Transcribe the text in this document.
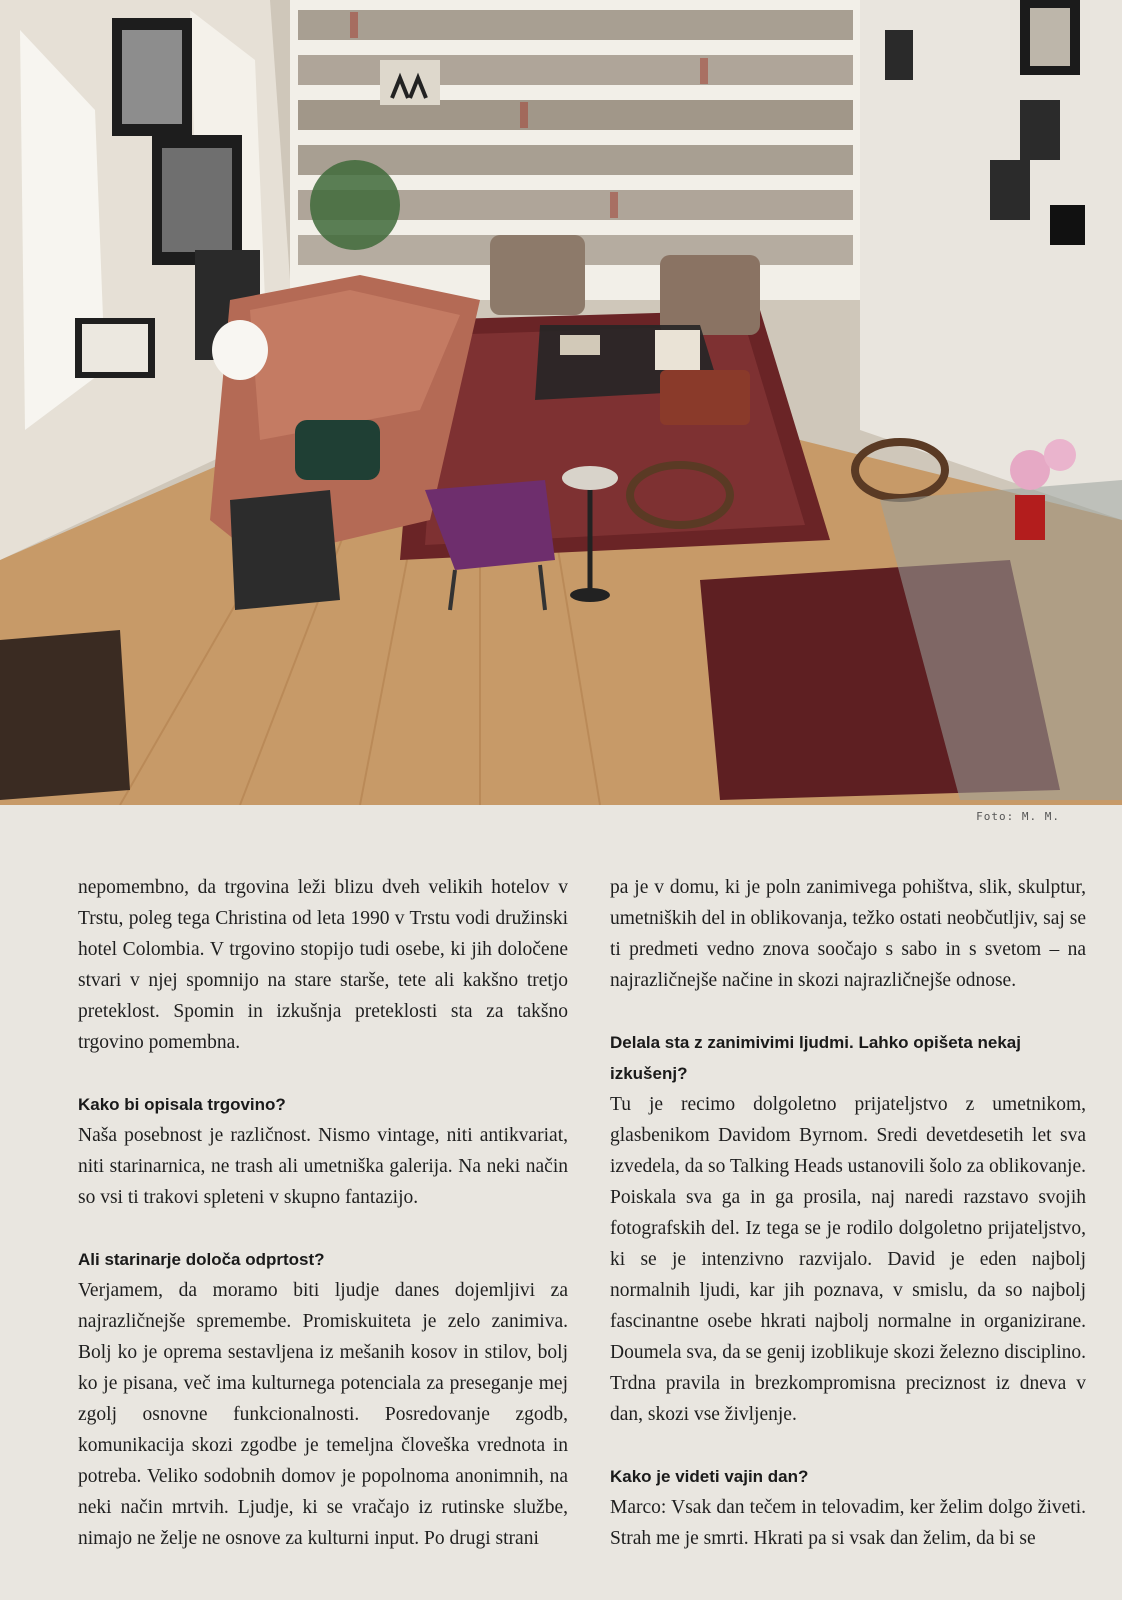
Foto: M. M.

nepomembno, da trgovina leži blizu dveh velikih hotelov v Trstu, poleg tega Christina od leta 1990 v Trstu vodi družinski hotel Colombia. V trgovino stopijo tudi osebe, ki jih določene stvari v njej spomnijo na stare starše, tete ali kakšno tretjo preteklost. Spomin in izkušnja preteklosti sta za takšno trgovino pomembna.

Kako bi opisala trgovino?

Naša posebnost je različnost. Nismo vintage, niti antikvariat, niti starinarnica, ne trash ali umetniška galerija. Na neki način so vsi ti trakovi spleteni v skupno fantazijo.

Ali starinarje določa odprtost?

Verjamem, da moramo biti ljudje danes dojemljivi za najrazličnejše spremembe. Promiskuiteta je zelo zanimiva. Bolj ko je oprema sestavljena iz mešanih kosov in stilov, bolj ko je pisana, več ima kulturnega potenciala za preseganje mej zgolj osnovne funkcionalnosti. Posredovanje zgodb, komunikacija skozi zgodbe je temeljna človeška vrednota in potreba. Veliko sodobnih domov je popolnoma anonimnih, na neki način mrtvih. Ljudje, ki se vračajo iz rutinske službe, nimajo ne želje ne osnove za kulturni input. Po drugi strani

pa je v domu, ki je poln zanimivega pohištva, slik, skulptur, umetniških del in oblikovanja, težko ostati neobčutljiv, saj se ti predmeti vedno znova soočajo s sabo in s svetom – na najrazličnejše načine in skozi najrazličnejše odnose.

Delala sta z zanimivimi ljudmi. Lahko opišeta nekaj izkušenj?

Tu je recimo dolgoletno prijateljstvo z umetnikom, glasbenikom Davidom Byrnom. Sredi devetdesetih let sva izvedela, da so Talking Heads ustanovili šolo za oblikovanje. Poiskala sva ga in ga prosila, naj naredi razstavo svojih fotografskih del. Iz tega se je rodilo dolgoletno prijateljstvo, ki se je intenzivno razvijalo. David je eden najbolj normalnih ljudi, kar jih poznava, v smislu, da so najbolj fascinantne osebe hkrati najbolj normalne in organizirane. Doumela sva, da se genij izoblikuje skozi železno disciplino. Trdna pravila in brezkompromisna preciznost iz dneva v dan, skozi vse življenje.

Kako je videti vajin dan?

Marco: Vsak dan tečem in telovadim, ker želim dolgo živeti. Strah me je smrti. Hkrati pa si vsak dan želim, da bi se
